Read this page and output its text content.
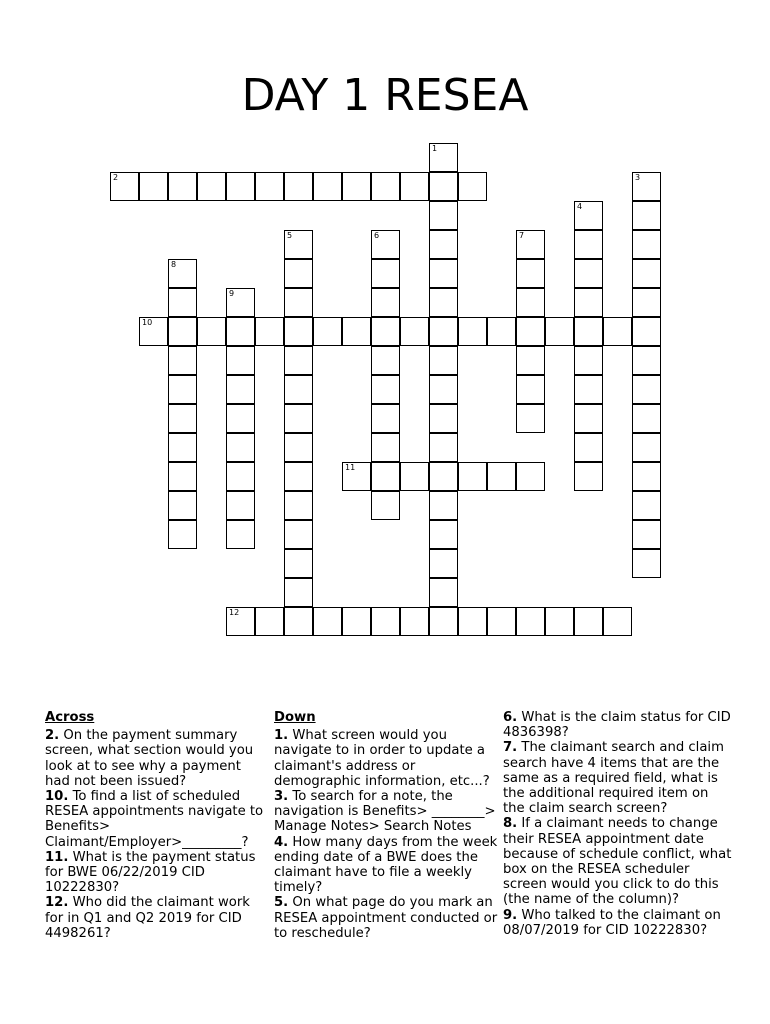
DAY 1 RESEA
1
2	3
4
5	6	7
8
9
10
11
12
Across
2. On the payment summary screen, what section would you look at to see why a payment had not been issued?
10. To find a list of scheduled RESEA appointments navigate to Benefits> Claimant/Employer>_________?
11. What is the payment status for BWE 06/22/2019 CID 10222830?
12. Who did the claimant work for in Q1 and Q2 2019 for CID 4498261?
Down
1. What screen would you navigate to in order to update a claimant's address or demographic information, etc...?
3. To search for a note, the navigation is Benefits> ________> Manage Notes> Search Notes
4. How many days from the week ending date of a BWE does the claimant have to file a weekly timely?
5. On what page do you mark an RESEA appointment conducted or to reschedule?
6. What is the claim status for CID 4836398?
7. The claimant search and claim search have 4 items that are the same as a required field, what is the additional required item on the claim search screen?
8. If a claimant needs to change their RESEA appointment date because of schedule conflict, what box on the RESEA scheduler screen would you click to do this (the name of the column)?
9. Who talked to the claimant on 08/07/2019 for CID 10222830?
